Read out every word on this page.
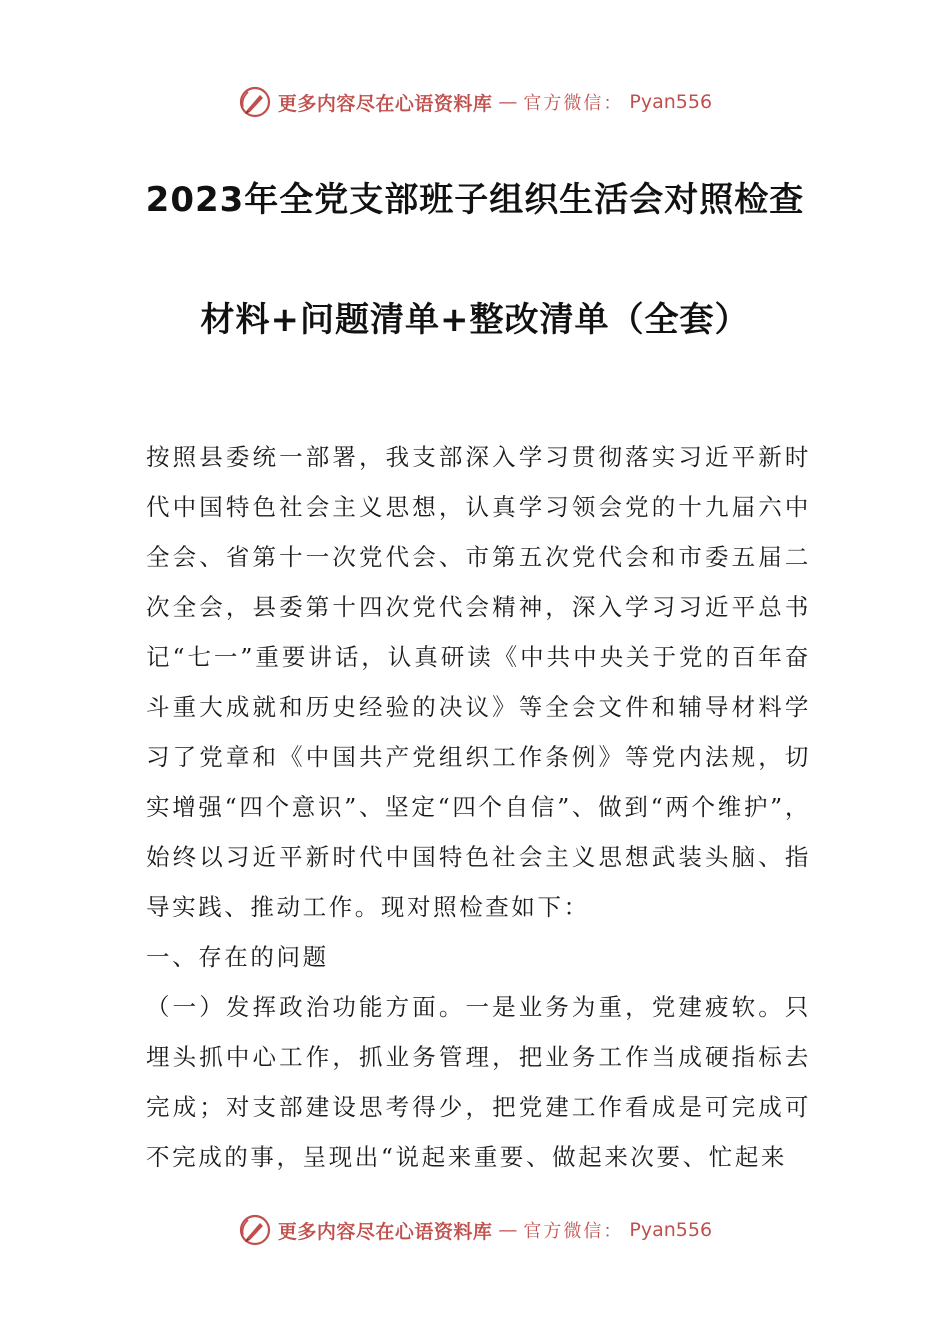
更多内容尽在心语资料库 — 官方微信： Pyan556
2023年全党支部班子组织生活会对照检查
材料+问题清单+整改清单（全套）

按照县委统一部署，我支部深入学习贯彻落实习近平新时代中国特色社会主义思想，认真学习领会党的十九届六中全会、省第十一次党代会、市第五次党代会和市委五届二次全会，县委第十四次党代会精神，深入学习习近平总书记“七一”重要讲话，认真研读《中共中央关于党的百年奋斗重大成就和历史经验的决议》等全会文件和辅导材料学习了党章和《中国共产党组织工作条例》等党内法规，切实增强“四个意识”、坚定“四个自信”、做到“两个维护”，始终以习近平新时代中国特色社会主义思想武装头脑、指导实践、推动工作。现对照检查如下：

一、存在的问题

（一）发挥政治功能方面。一是业务为重，党建疲软。只埋头抓中心工作，抓业务管理，把业务工作当成硬指标去完成；对支部建设思考得少，把党建工作看成是可完成可不完成的事，呈现出“说起来重要、做起来次要、忙起来

更多内容尽在心语资料库 — 官方微信： Pyan556
